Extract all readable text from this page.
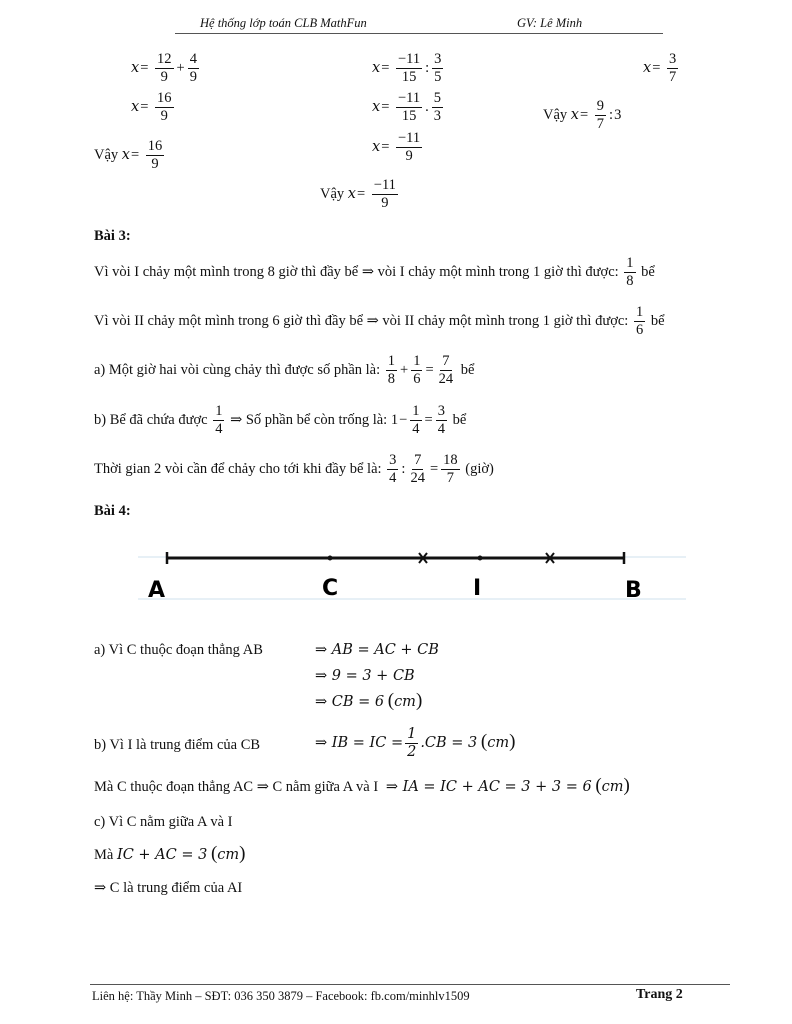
Hệ thống lớp toán CLB MathFun	GV: Lê Minh
$x= \frac{12}{9} + \frac{4}{9}$
$x= \frac{16}{9}$
Vậy $x= \frac{16}{9}$
$x= \frac{-11}{15}$ : $\frac{3}{5}$
$x= \frac{-11}{15}$ . $\frac{5}{3}$
$x= \frac{-11}{9}$
Vậy $x= \frac{-11}{9}$
$x= \frac{3}{7}$
Vậy $x= \frac{9}{7}$ :3
Bài 3:
Vì vòi I chảy một mình trong 8 giờ thì đầy bể ⇒ vòi I chảy một mình trong 1 giờ thì được: $\frac{1}{8}$ bể
Vì vòi II chảy một mình trong 6 giờ thì đầy bể ⇒ vòi II chảy một mình trong 1 giờ thì được: $\frac{1}{6}$ bể
a) Một giờ hai vòi cùng chảy thì được số phần là: $\frac{1}{8} + \frac{1}{6} = \frac{7}{24}$ bể
b) Bể đã chứa được $\frac{1}{4}$ ⇒ Số phần bể còn trống là: $1- \frac{1}{4} = \frac{3}{4}$ bể
Thời gian 2 vòi cần để chảy cho tới khi đầy bể là: $\frac{3}{4}$ : $\frac{7}{24} = \frac{18}{7}$ (giờ)
Bài 4:
A	C	I	B
a) Vì C thuộc đoạn thẳng AB	⇒ AB = AC + CB
⇒ 9 = 3 + CB
⇒ CB = 6 (cm)
b) Vì I là trung điểm của CB	⇒ IB = IC = $\frac{1}{2} .CB = 3$ (cm)
Mà C thuộc đoạn thẳng AC ⇒ C nằm giữa A và I ⇒ IA = IC + AC = 3 + 3 = 6 (cm)
c) Vì C nằm giữa A và I
Mà IC + AC = 3 (cm)
⇒ C là trung điểm của AI
Liên hệ: Thầy Minh – SĐT: 036 350 3879 – Facebook: fb.com/minhlv1509	Trang 2
